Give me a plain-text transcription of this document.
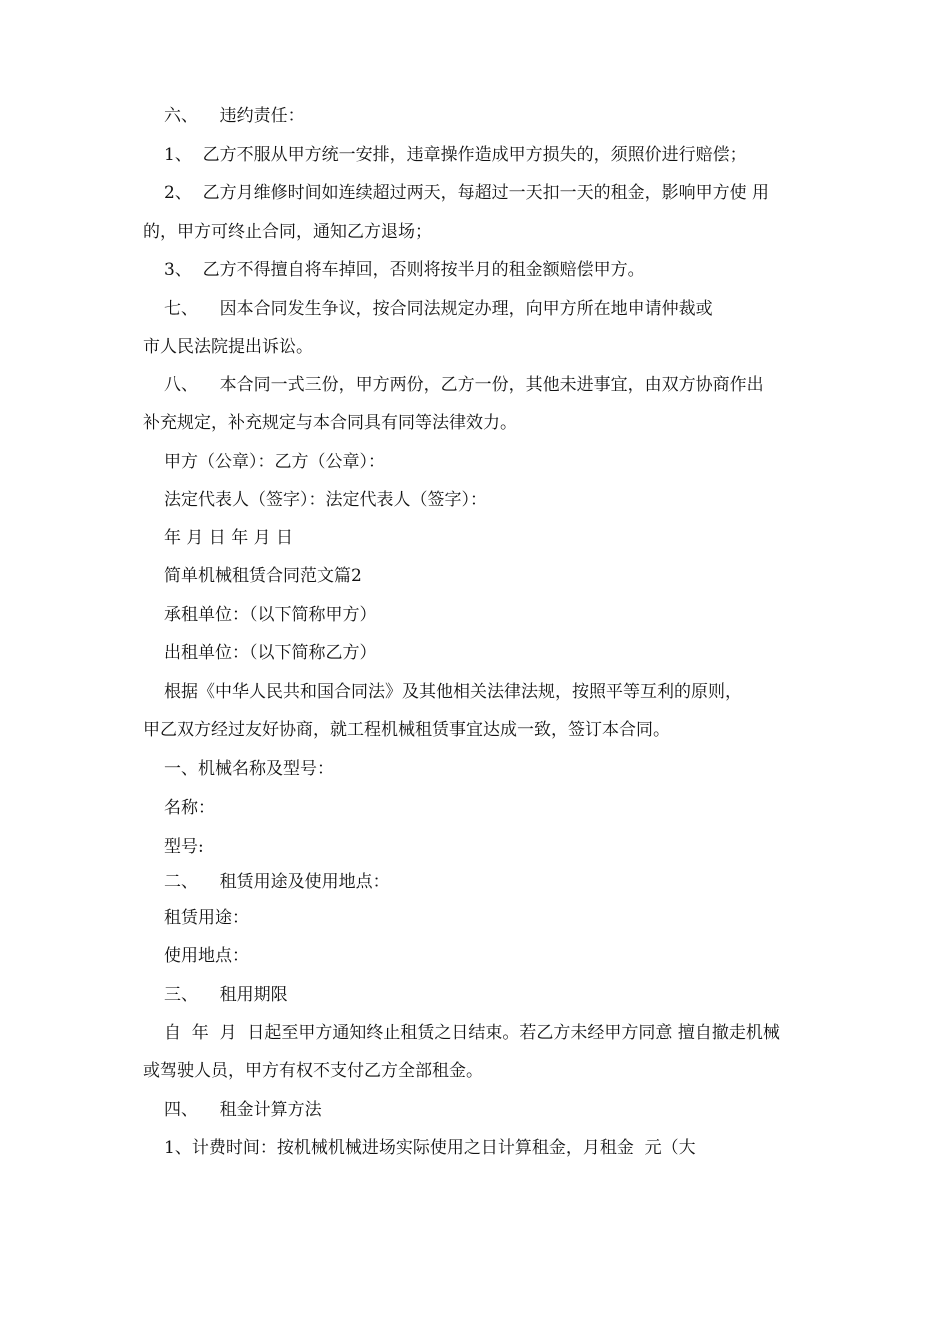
六、    违约责任：
1、  乙方不服从甲方统一安排，违章操作造成甲方损失的，须照价进行赔偿；
2、  乙方月维修时间如连续超过两天，每超过一天扣一天的租金，影响甲方使 用
的，甲方可终止合同，通知乙方退场；
3、  乙方不得擅自将车掉回，否则将按半月的租金额赔偿甲方。
七、    因本合同发生争议，按合同法规定办理，向甲方所在地申请仲裁或
市人民法院提出诉讼。
八、    本合同一式三份，甲方两份，乙方一份，其他未进事宜，由双方协商作出
补充规定，补充规定与本合同具有同等法律效力。
甲方（公章）：乙方（公章）：
法定代表人（签字）：法定代表人（签字）：
年 月 日 年 月 日
简单机械租赁合同范文篇2
承租单位：（以下简称甲方）
出租单位：（以下简称乙方）
根据《中华人民共和国合同法》及其他相关法律法规，按照平等互利的原则，
甲乙双方经过友好协商，就工程机械租赁事宜达成一致，签订本合同。
一、机械名称及型号：
名称：
型号:
二、    租赁用途及使用地点：
租赁用途：
使用地点：
三、    租用期限
自  年  月  日起至甲方通知终止租赁之日结束。若乙方未经甲方同意 擅自撤走机械
或驾驶人员，甲方有权不支付乙方全部租金。
四、    租金计算方法
1、计费时间：按机械机械进场实际使用之日计算租金，月租金  元（大
